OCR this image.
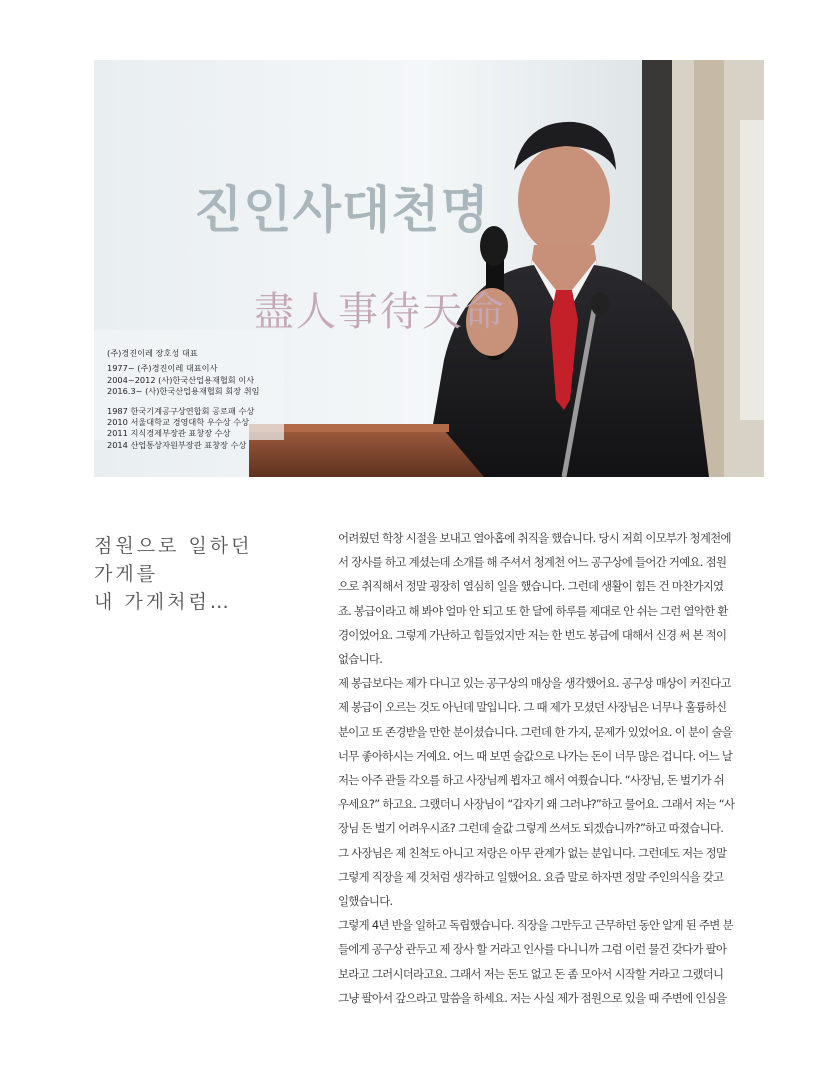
진인사대천명
盡人事待天命
(주)경진이레 장호성 대표
1977~ (주)경진이레 대표이사
2004~2012 (사)한국산업용재협회 이사
2016.3~ (사)한국산업용재협회 회장 취임
1987 한국기계공구상연합회 공로패 수상
2010 서울대학교 경영대학 우수상 수상
2011 지식경제부장관 표창장 수상
2014 산업통상자원부장관 표창장 수상
점원으로 일하던
가게를
내 가게처럼…
어려웠던 학창 시절을 보내고 열아홉에 취직을 했습니다. 당시 저희 이모부가 청계천에
서 장사를 하고 계셨는데 소개를 해 주셔서 청계천 어느 공구상에 들어간 거예요. 점원
으로 취직해서 정말 굉장히 열심히 일을 했습니다. 그런데 생활이 힘든 건 마찬가지였
죠. 봉급이라고 해 봐야 얼마 안 되고 또 한 달에 하루를 제대로 안 쉬는 그런 열악한 환
경이었어요. 그렇게 가난하고 힘들었지만 저는 한 번도 봉급에 대해서 신경 써 본 적이
없습니다.
제 봉급보다는 제가 다니고 있는 공구상의 매상을 생각했어요. 공구상 매상이 커진다고
제 봉급이 오르는 것도 아닌데 말입니다. 그 때 제가 모셨던 사장님은 너무나 훌륭하신
분이고 또 존경받을 만한 분이셨습니다. 그런데 한 가지, 문제가 있었어요. 이 분이 술을
너무 좋아하시는 거예요. 어느 때 보면 술값으로 나가는 돈이 너무 많은 겁니다. 어느 날
저는 아주 관둘 각오를 하고 사장님께 뵙자고 해서 여쭸습니다. “사장님, 돈 벌기가 쉬
우세요?” 하고요. 그랬더니 사장님이 “갑자기 왜 그러냐?”하고 물어요. 그래서 저는 “사
장님 돈 벌기 어려우시죠? 그런데 술값 그렇게 쓰셔도 되겠습니까?”하고 따졌습니다.
그 사장님은 제 친척도 아니고 저랑은 아무 관계가 없는 분입니다. 그런데도 저는 정말
그렇게 직장을 제 것처럼 생각하고 일했어요. 요즘 말로 하자면 정말 주인의식을 갖고
일했습니다.
그렇게 4년 반을 일하고 독립했습니다. 직장을 그만두고 근무하던 동안 알게 된 주변 분
들에게 공구상 관두고 제 장사 할 거라고 인사를 다니니까 그럼 이런 물건 갖다가 팔아
보라고 그러시더라고요. 그래서 저는 돈도 없고 돈 좀 모아서 시작할 거라고 그랬더니
그냥 팔아서 갚으라고 말씀을 하세요. 저는 사실 제가 점원으로 있을 때 주변에 인심을
